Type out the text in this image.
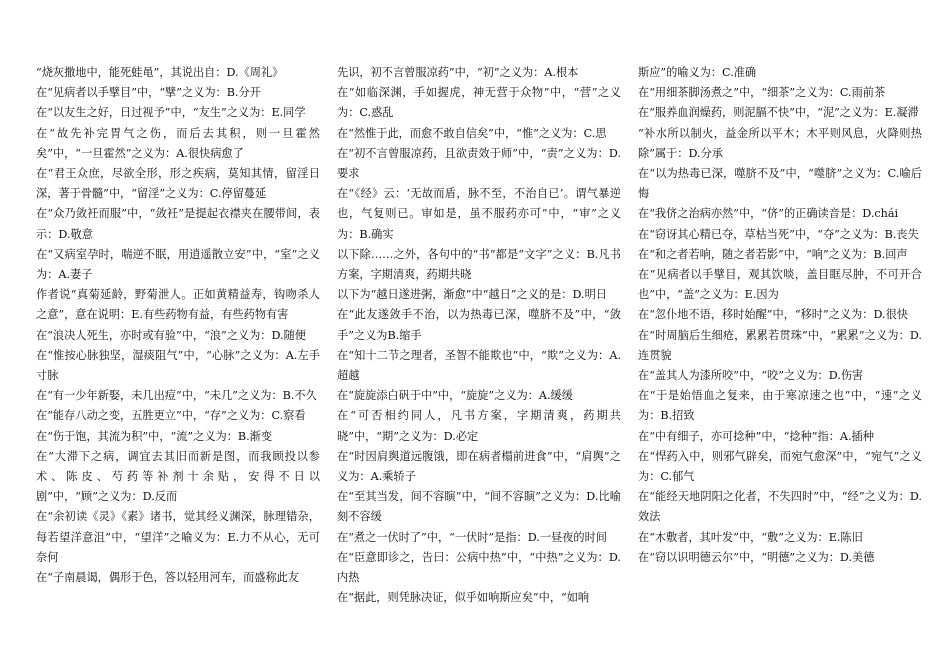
“烧灰撒地中，能死蛙黾”，其说出自：D.《周礼》

在“见病者以手擘目”中，“擘”之义为：B.分开

在“以友生之好，日过视予”中，“友生”之义为：E.同学

在“故先补完胃气之伤，而后去其积，则一旦霍然矣”中，“一旦霍然”之义为：A.很快病愈了

在“君王众庶，尽欲全形，形之疾病，莫知其情，留淫日深，著于骨髓”中，“留淫”之义为：C.停留蔓延

在“众乃敛衽而服”中，“敛衽”是提起衣襟夹在腰带间，表示：D.敬意

在“又病室孕时，喘逆不眠，用逍遥散立安”中，“室”之义为：A.妻子

作者说“真菊延龄，野菊泄人。正如黄精益寿，钩吻杀人之意”，意在说明：E.有些药物有益，有些药物有害

在“浪决人死生，亦时或有验”中，“浪”之义为：D.随便

在“惟按心脉独坚，湿痰阻气”中，“心脉”之义为：A.左手寸脉

在“有一少年新娶，未几出痘”中，“未几”之义为：B.不久

在“能存八动之变，五胜更立”中，“存”之义为：C.察看

在“伤于饱，其流为积”中，“流”之义为：B.渐变

在“大滞下之病，调宜去其旧而新是图，而我顾投以参术、陈皮、芍药等补剂十余贴，安得不日以剧”中，“顾”之义为：D.反而

在“余初读《灵》《素》诸书，觉其经义渊深，脉理错杂，每若望洋意沮”中，“望洋”之喻义为：E.力不从心，无可奈何

在“子南晨谒，偶形于色，答以轻用河车，而盛称此友

先识，初不言曾服凉药”中，“初”之义为：A.根本

在“如临深渊，手如握虎，神无营于众物”中，“营”之义为：C.惑乱

在“然惟于此，而愈不敢自信矣”中，“惟”之义为：C.思

在“初不言曾服凉药，且欲责效于师”中，“责”之义为：D.要求

在“《经》云：‘无故而盾，脉不至，不治自已’。谓气暴逆也，气复则已。审如是，虽不服药亦可”中，“审”之义为：B.确实

以下除……之外，各句中的“书”都是“文字”之义：B.凡书方案，字期清爽，药期共晓

以下为“越日遂进粥，渐愈”中“越日”之义的是：D.明日

在“此友遂敛手不治，以为热毒已深，噬脐不及”中，“敛手”之义为B.缩手

在“知十二节之理者，圣智不能欺也”中，“欺”之义为：A.超越

在“旋旋添白矾于中”中，“旋旋”之义为：A.缓缓

在“可否相约同人，凡书方案，字期清爽，药期共晓”中，“期”之义为：D.必定

在“时因肩舆道远腹饿，即在病者榻前进食”中，“肩舆”之义为：A.乘轿子

在“至其当发，间不容瞚”中，“间不容瞚”之义为：D.比喻刻不容缓

在“煮之一伏时了”中，“一伏时”是指：D.一昼夜的时间

在“臣意即诊之，告曰：公病中热”中，“中热”之义为：D.内热

在“据此，则凭脉决证，似乎如响斯应矣”中，“如响

斯应”的喻义为：C.准确

在“用细茶脚汤煮之”中，“细茶”之义为：C.雨前茶

在“服养血润燥药，则泥膈不快”中，“泥”之义为：E.凝滞

“补水所以制火，益金所以平木；木平则风息，火降则热除”属于：D.分承

在“以为热毒已深，噬脐不及”中，“噬脐”之义为：C.喻后悔

在“我侪之治病亦然”中，“侪”的正确读音是：D.chái

在“窃讶其心精已夺，草枯当死”中，“夺”之义为：B.丧失

在“和之者若响，随之者若影”中，“响”之义为：B.回声

在“见病者以手擘目，观其饮啖，盖目眶尽肿，不可开合也”中，“盖”之义为：E.因为

在“忽仆地不语，移时始醒”中，“移时”之义为：D.很快

在“时周脑后生细疮，累累若贯珠”中，“累累”之义为：D.连贯貌

在“盖其人为漆所咬”中，“咬”之义为：D.伤害

在“于是始悟血之复来，由于寒凉速之也”中，“速”之义为：B.招致

在“中有细子，亦可捻种”中，“捻种”指：A.插种

在“悍药入中，则邪气辟矣，而宛气愈深”中，“宛气”之义为：C.郁气

在“能经天地阴阳之化者，不失四时”中，“经”之义为：D.效法

在“木敷者，其叶发”中，“敷”之义为：E.陈旧

在“窃以识明德云尔”中，“明德”之义为：D.美德
